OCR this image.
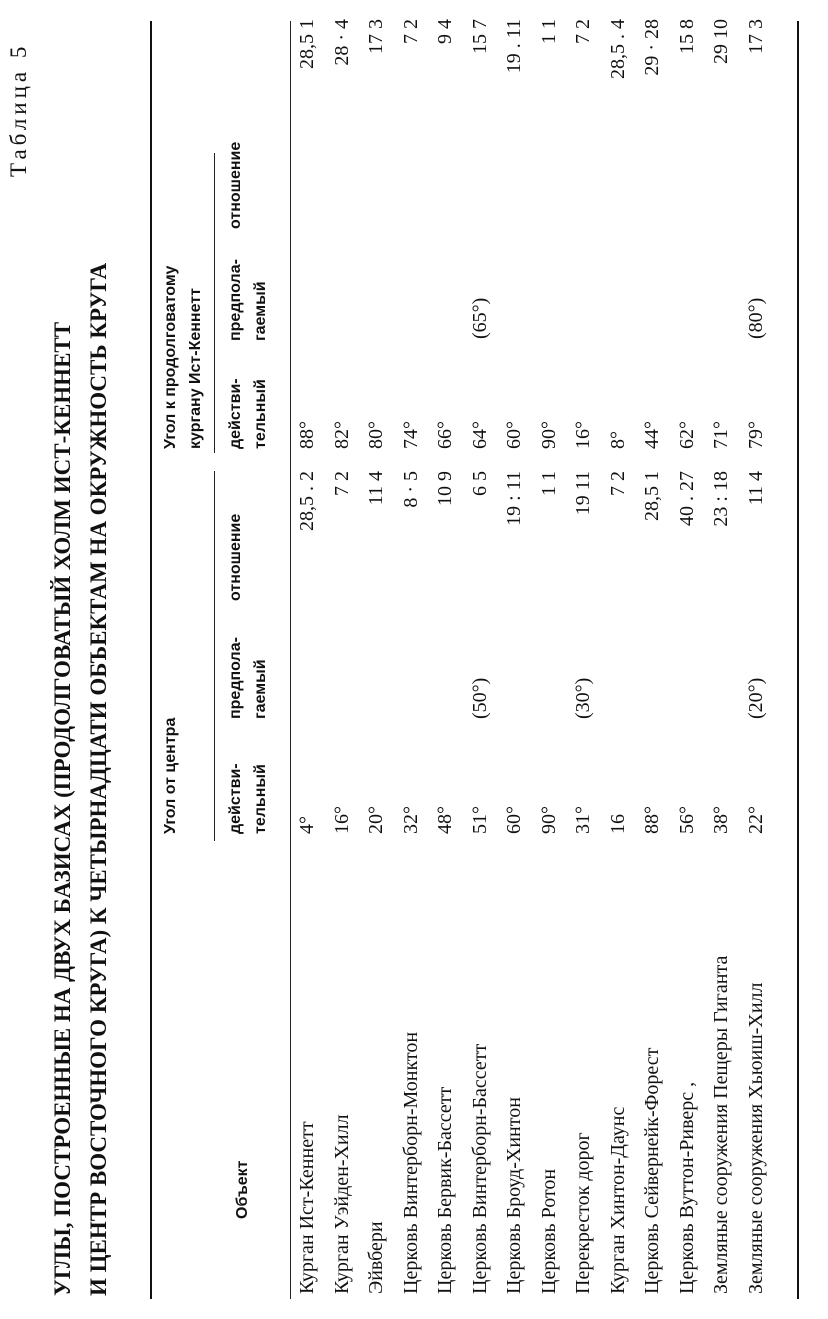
Таблица 5
УГЛЫ, ПОСТРОЕННЫЕ НА ДВУХ БАЗИСАХ (ПРОДОЛГОВАТЫЙ ХОЛМ ИСТ-КЕННЕТТ И ЦЕНТР ВОСТОЧНОГО КРУГА) К ЧЕТЫРНАДЦАТИ ОБЪЕКТАМ НА ОКРУЖНОСТЬ КРУГА	Объект
Угол от центра
Угол к продолговатому кургану Ист-Кеннетт
действи- тельный
предпола- гаемый
отношение
действи- тельный
предпола- гаемый
отношение
Курган Ист-Кеннетт
4°
28,5 . 2
88°
28,5 1
Курган Уэйден-Хилл
16°
7 2
82°
28 · 4
Эйвбери
20°
11 4
80°
17 3
Церковь Винтерборн-Монктон
32°
8 · 5
74°
7 2
Церковь Бервик-Бассетт
48°
10 9
66°
9 4
Церковь Винтерборн-Бассетт
51°
(50°)
6 5
64°
(65°)
15 7
Церковь Броуд-Хинтон
60°
19 : 11
60°
19 . 11
Церковь Ротон
90°
1 1
90°
1 1
Перекресток дорог
31°
(30°)
19 11
16°
7 2
Курган Хинтон-Даунс
16
7 2
8°
28,5 . 4
Церковь Сейвернейк-Форест
88°
28,5 1
44°
29 · 28
Церковь Вуттон-Риверс ,
56°
40 . 27
62°
15 8
Земляные сооружения Пещеры Гиганта
38°
23 : 18
71°
29 10
Земляные сооружения Хьюиш-Хилл
22°
(20°)
11 4
79°
(80°)
17 3
